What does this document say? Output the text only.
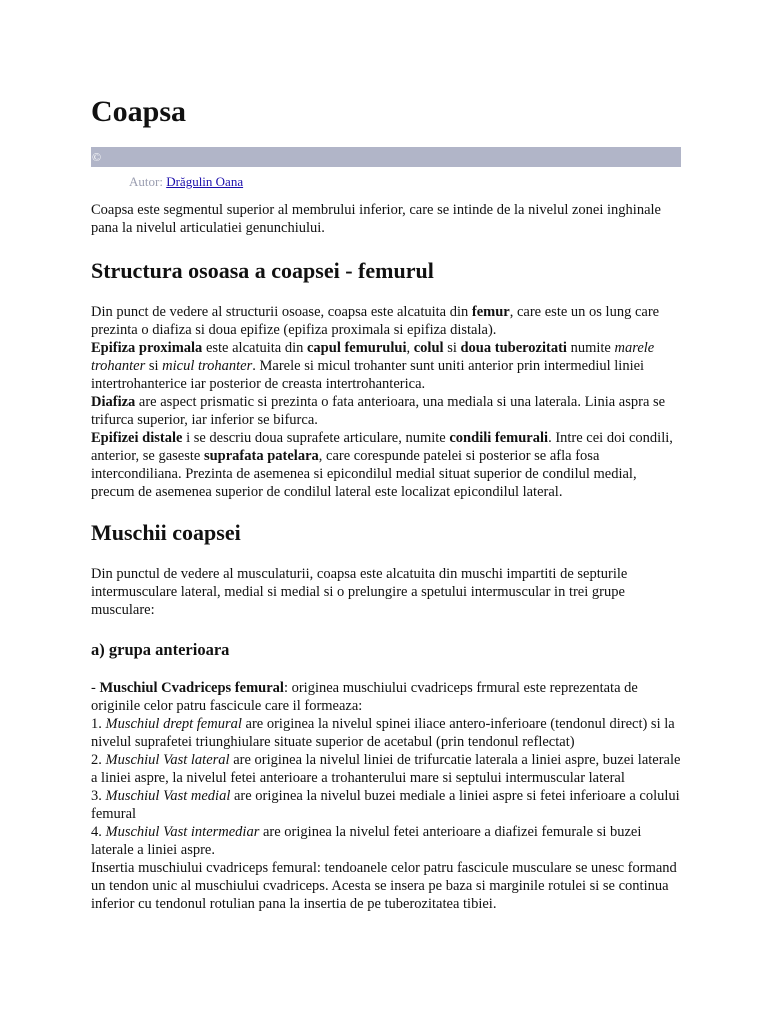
Coapsa
©
Autor: Drăgulin Oana

Coapsa este segmentul superior al membrului inferior, care se intinde de la nivelul zonei inghinale pana la nivelul articulatiei genunchiului.

Structura osoasa a coapsei - femurul

Din punct de vedere al structurii osoase, coapsa este alcatuita din femur, care este un os lung care prezinta o diafiza si doua epifize (epifiza proximala si epifiza distala).

Epifiza proximala este alcatuita din capul femurului, colul si doua tuberozitati numite marele trohanter si micul trohanter. Marele si micul trohanter sunt uniti anterior prin intermediul liniei intertrohanterice iar posterior de creasta intertrohanterica.

Diafiza are aspect prismatic si prezinta o fata anterioara, una mediala si una laterala. Linia aspra se trifurca superior, iar inferior se bifurca.

Epifizei distale i se descriu doua suprafete articulare, numite condili femurali. Intre cei doi condili, anterior, se gaseste suprafata patelara, care corespunde patelei si posterior se afla fosa intercondiliana. Prezinta de asemenea si epicondilul medial situat superior de condilul medial, precum de asemenea superior de condilul lateral este localizat epicondilul lateral.

Muschii coapsei

Din punctul de vedere al musculaturii, coapsa este alcatuita din muschi impartiti de septurile intermusculare lateral, medial si medial si o prelungire a spetului intermuscular in trei grupe musculare:

a) grupa anterioara

- Muschiul Cvadriceps femural: originea muschiului cvadriceps frmural este reprezentata de originile celor patru fascicule care il formeaza:

1. Muschiul drept femural are originea la nivelul spinei iliace antero-inferioare (tendonul direct) si la nivelul suprafetei triunghiulare situate superior de acetabul (prin tendonul reflectat)

2. Muschiul Vast lateral are originea la nivelul liniei de trifurcatie laterala a liniei aspre, buzei laterale a liniei aspre, la nivelul fetei anterioare a trohanterului mare si septului intermuscular lateral

3. Muschiul Vast medial are originea la nivelul buzei mediale a liniei aspre si fetei inferioare a colului femural

4. Muschiul Vast intermediar are originea la nivelul fetei anterioare a diafizei femurale si buzei laterale a liniei aspre.

Insertia muschiului cvadriceps femural: tendoanele celor patru fascicule musculare se unesc formand un tendon unic al muschiului cvadriceps. Acesta se insera pe baza si marginile rotulei si se continua inferior cu tendonul rotulian pana la insertia de pe tuberozitatea tibiei.
